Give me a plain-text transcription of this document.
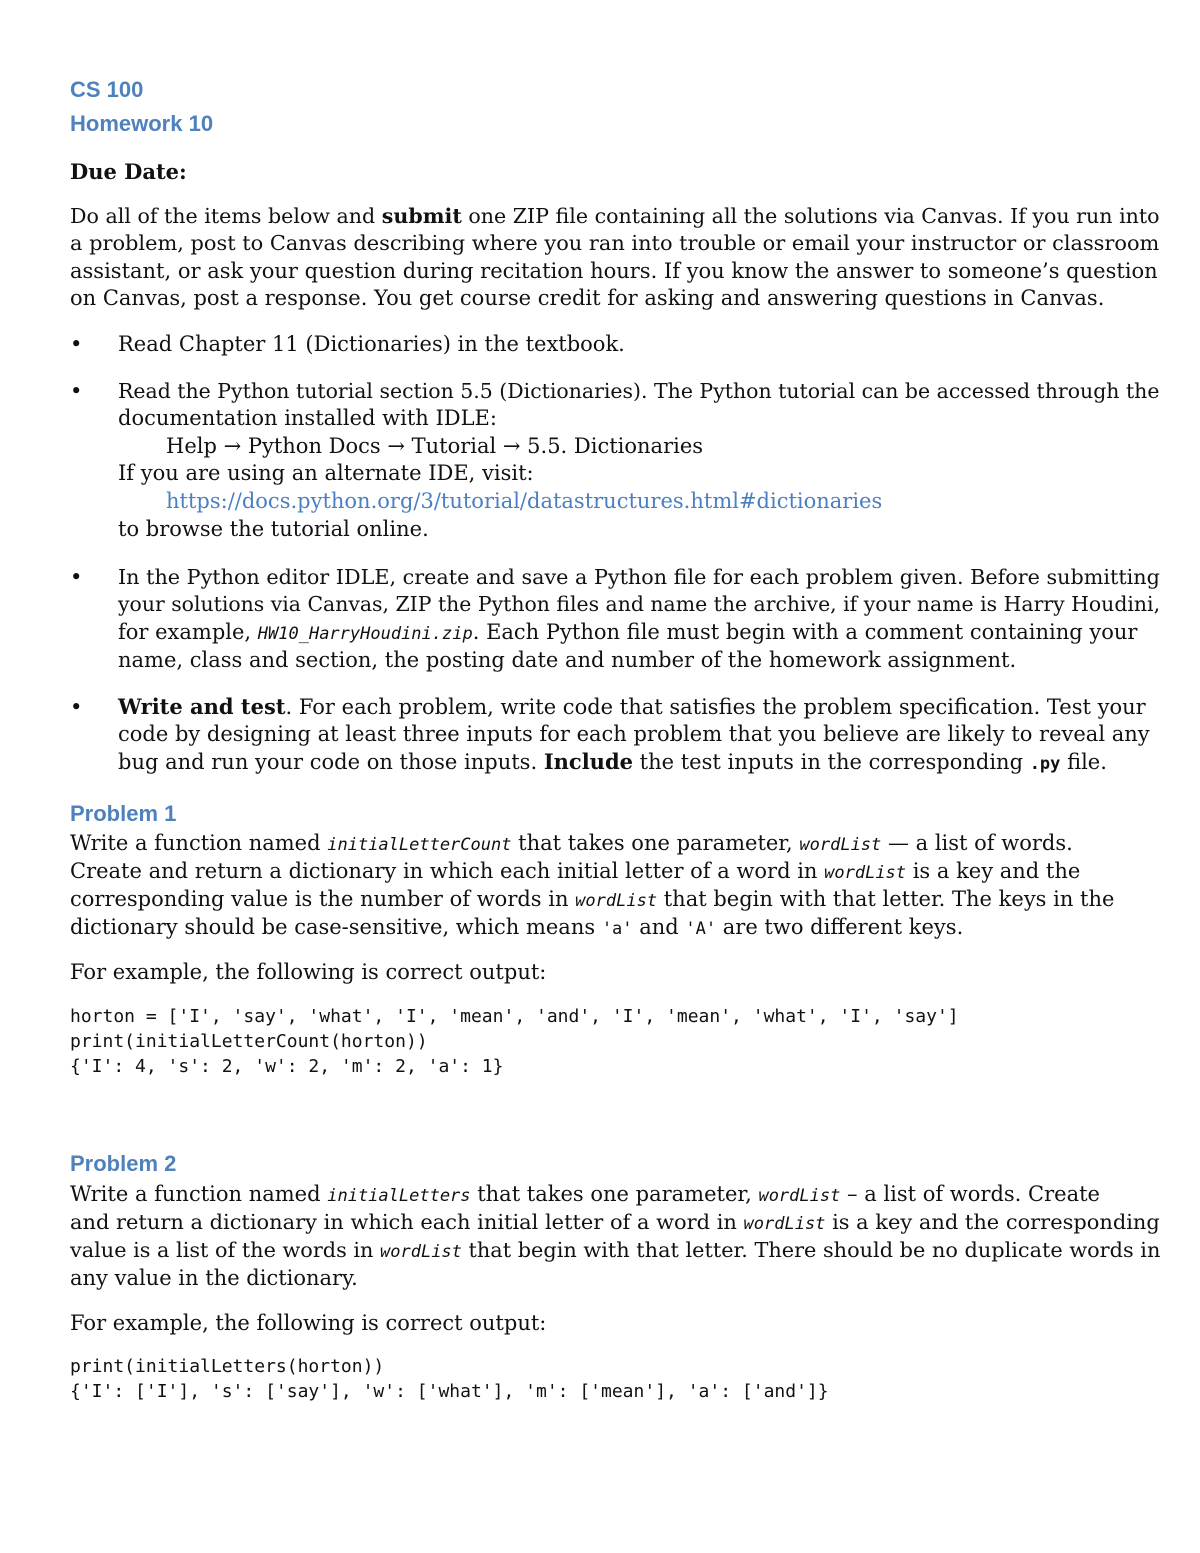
CS 100
Homework 10
Due Date:
Do all of the items below and submit one ZIP file containing all the solutions via Canvas. If you run into
a problem, post to Canvas describing where you ran into trouble or email your instructor or classroom
assistant, or ask your question during recitation hours. If you know the answer to someone’s question
on Canvas, post a response. You get course credit for asking and answering questions in Canvas.
• Read Chapter 11 (Dictionaries) in the textbook.
• Read the Python tutorial section 5.5 (Dictionaries). The Python tutorial can be accessed through the
documentation installed with IDLE:
Help → Python Docs → Tutorial → 5.5. Dictionaries
If you are using an alternate IDE, visit:
https://docs.python.org/3/tutorial/datastructures.html#dictionaries
to browse the tutorial online.
• In the Python editor IDLE, create and save a Python file for each problem given. Before submitting
your solutions via Canvas, ZIP the Python files and name the archive, if your name is Harry Houdini,
for example, HW10_HarryHoudini.zip. Each Python file must begin with a comment containing your
name, class and section, the posting date and number of the homework assignment.
• Write and test. For each problem, write code that satisfies the problem specification. Test your
code by designing at least three inputs for each problem that you believe are likely to reveal any
bug and run your code on those inputs. Include the test inputs in the corresponding .py file.
Problem 1
Write a function named initialLetterCount that takes one parameter, wordList — a list of words.
Create and return a dictionary in which each initial letter of a word in wordList is a key and the
corresponding value is the number of words in wordList that begin with that letter. The keys in the
dictionary should be case-sensitive, which means 'a' and 'A' are two different keys.
For example, the following is correct output:
horton = ['I', 'say', 'what', 'I', 'mean', 'and', 'I', 'mean', 'what', 'I', 'say']
print(initialLetterCount(horton))
{'I': 4, 's': 2, 'w': 2, 'm': 2, 'a': 1}
Problem 2
Write a function named initialLetters that takes one parameter, wordList – a list of words. Create
and return a dictionary in which each initial letter of a word in wordList is a key and the corresponding
value is a list of the words in wordList that begin with that letter. There should be no duplicate words in
any value in the dictionary.
For example, the following is correct output:
print(initialLetters(horton))
{'I': ['I'], 's': ['say'], 'w': ['what'], 'm': ['mean'], 'a': ['and']}
